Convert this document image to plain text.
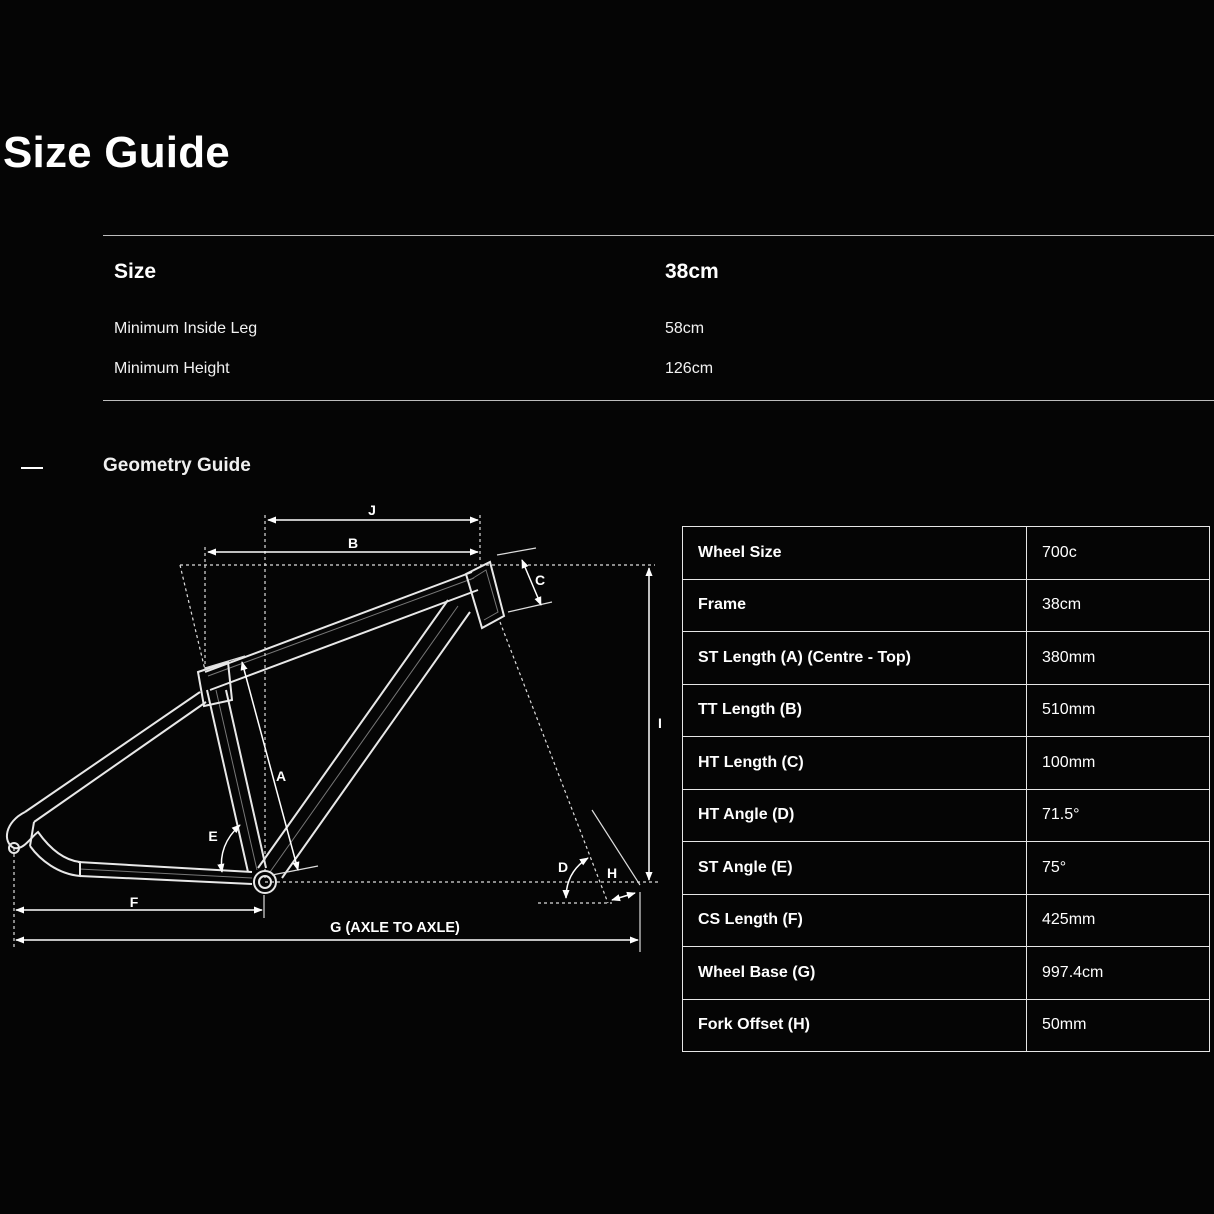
Size Guide
Size	38cm
Minimum Inside Leg	58cm
Minimum Height	126cm
Geometry Guide
J
B
C
I
A
E
D	H
F
G (AXLE TO AXLE)
Wheel Size	700c
Frame	38cm
ST Length (A) (Centre - Top)	380mm
TT Length (B)	510mm
HT Length (C)	100mm
HT Angle (D)	71.5°
ST Angle (E)	75°
CS Length (F)	425mm
Wheel Base (G)	997.4cm
Fork Offset (H)	50mm
